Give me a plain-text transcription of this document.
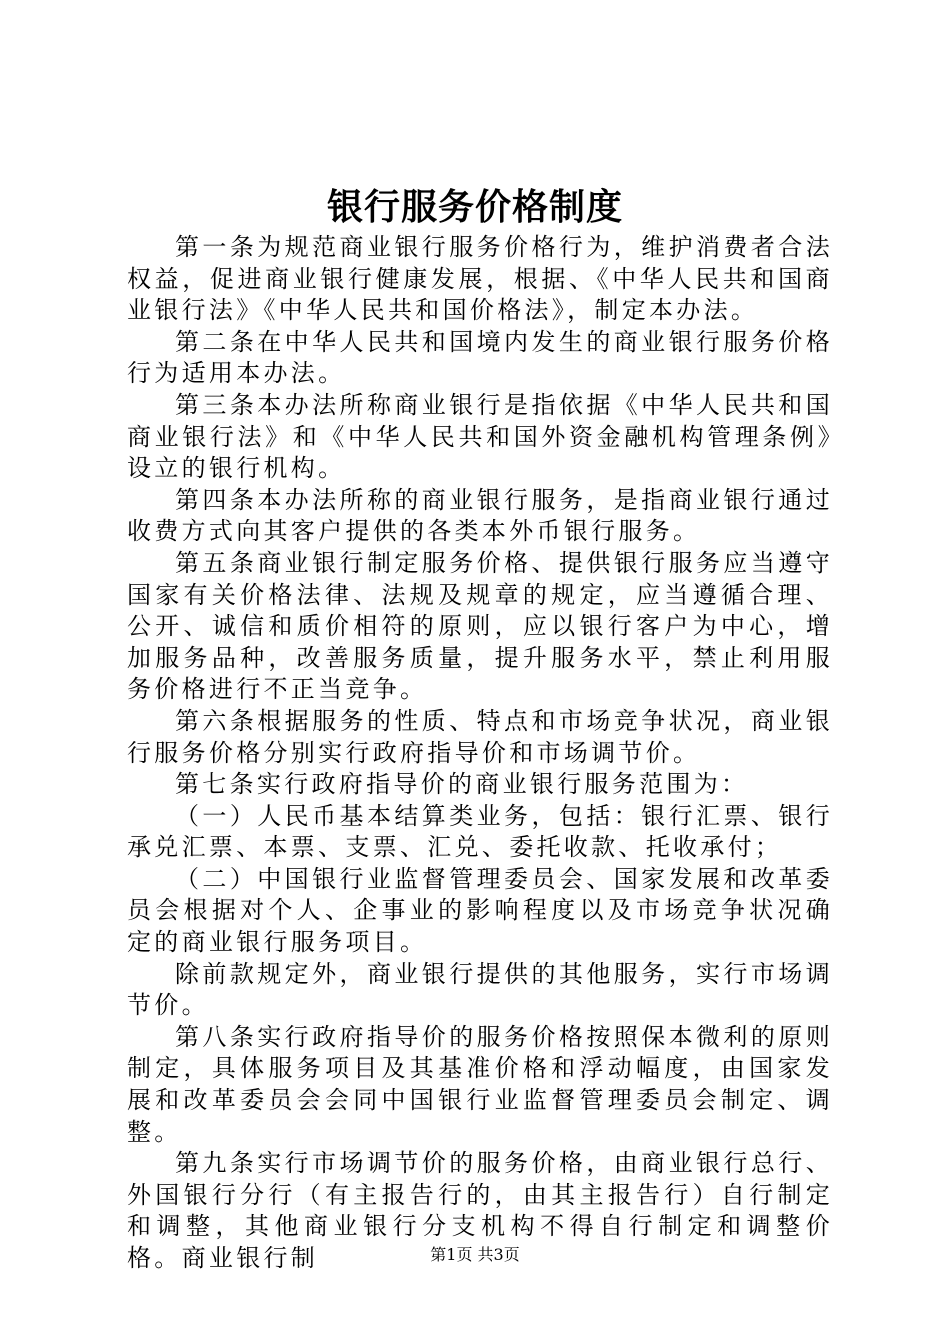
银行服务价格制度

第一条为规范商业银行服务价格行为，维护消费者合法权益，促进商业银行健康发展，根据、《中华人民共和国商业银行法》《中华人民共和国价格法》，制定本办法。

第二条在中华人民共和国境内发生的商业银行服务价格行为适用本办法。

第三条本办法所称商业银行是指依据《中华人民共和国商业银行法》和《中华人民共和国外资金融机构管理条例》设立的银行机构。

第四条本办法所称的商业银行服务，是指商业银行通过收费方式向其客户提供的各类本外币银行服务。

第五条商业银行制定服务价格、提供银行服务应当遵守国家有关价格法律、法规及规章的规定，应当遵循合理、公开、诚信和质价相符的原则，应以银行客户为中心，增加服务品种，改善服务质量，提升服务水平，禁止利用服务价格进行不正当竞争。

第六条根据服务的性质、特点和市场竞争状况，商业银行服务价格分别实行政府指导价和市场调节价。

第七条实行政府指导价的商业银行服务范围为：

（一）人民币基本结算类业务，包括：银行汇票、银行承兑汇票、本票、支票、汇兑、委托收款、托收承付；

（二）中国银行业监督管理委员会、国家发展和改革委员会根据对个人、企事业的影响程度以及市场竞争状况确定的商业银行服务项目。

除前款规定外，商业银行提供的其他服务，实行市场调节价。

第八条实行政府指导价的服务价格按照保本微利的原则制定，具体服务项目及其基准价格和浮动幅度，由国家发展和改革委员会会同中国银行业监督管理委员会制定、调整。

第九条实行市场调节价的服务价格，由商业银行总行、外国银行分行（有主报告行的，由其主报告行）自行制定和调整，其他商业银行分支机构不得自行制定和调整价格。商业银行制	第1页 共3页
